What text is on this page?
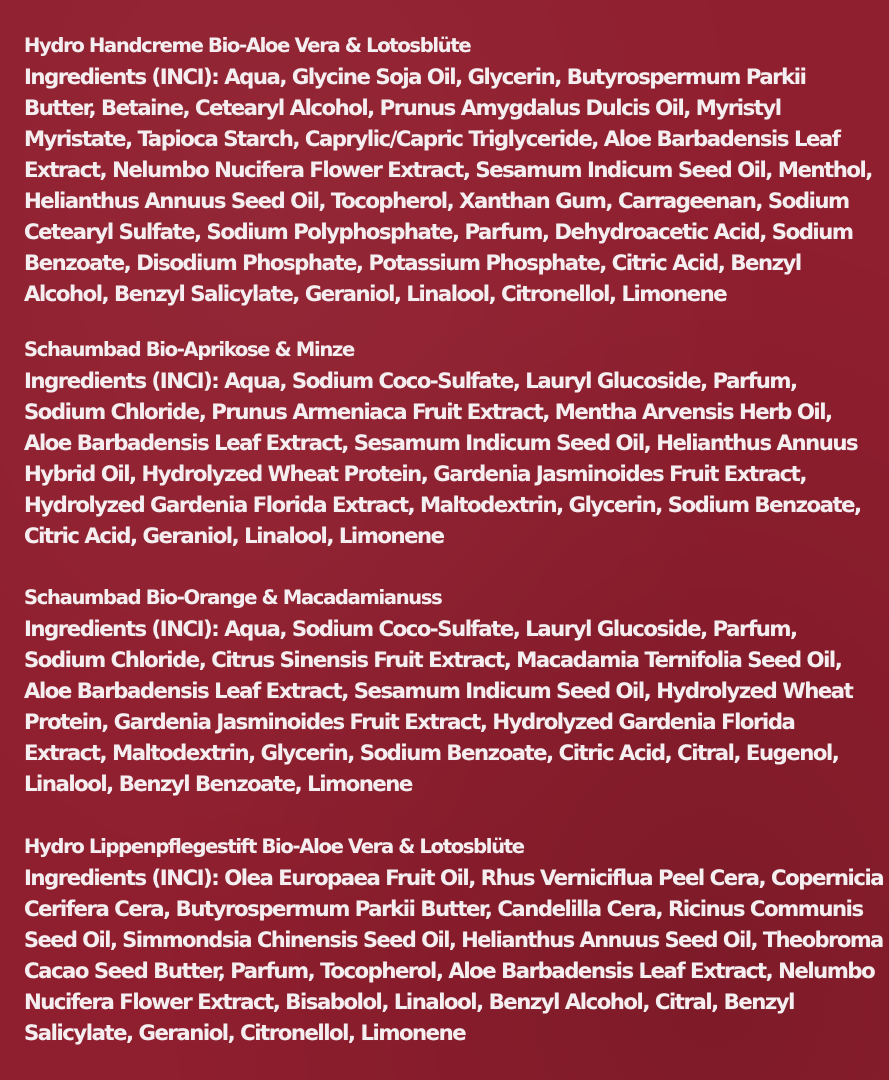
Hydro Handcreme Bio-Aloe Vera & Lotosblüte
Ingredients (INCI): Aqua, Glycine Soja Oil, Glycerin, Butyrospermum Parkii
Butter, Betaine, Cetearyl Alcohol, Prunus Amygdalus Dulcis Oil, Myristyl
Myristate, Tapioca Starch, Caprylic/Capric Triglyceride, Aloe Barbadensis Leaf
Extract, Nelumbo Nucifera Flower Extract, Sesamum Indicum Seed Oil, Menthol,
Helianthus Annuus Seed Oil, Tocopherol, Xanthan Gum, Carrageenan, Sodium
Cetearyl Sulfate, Sodium Polyphosphate, Parfum, Dehydroacetic Acid, Sodium
Benzoate, Disodium Phosphate, Potassium Phosphate, Citric Acid, Benzyl
Alcohol, Benzyl Salicylate, Geraniol, Linalool, Citronellol, Limonene
Schaumbad Bio-Aprikose & Minze
Ingredients (INCI): Aqua, Sodium Coco-Sulfate, Lauryl Glucoside, Parfum,
Sodium Chloride, Prunus Armeniaca Fruit Extract, Mentha Arvensis Herb Oil,
Aloe Barbadensis Leaf Extract, Sesamum Indicum Seed Oil, Helianthus Annuus
Hybrid Oil, Hydrolyzed Wheat Protein, Gardenia Jasminoides Fruit Extract,
Hydrolyzed Gardenia Florida Extract, Maltodextrin, Glycerin, Sodium Benzoate,
Citric Acid, Geraniol, Linalool, Limonene
Schaumbad Bio-Orange & Macadamianuss
Ingredients (INCI): Aqua, Sodium Coco-Sulfate, Lauryl Glucoside, Parfum,
Sodium Chloride, Citrus Sinensis Fruit Extract, Macadamia Ternifolia Seed Oil,
Aloe Barbadensis Leaf Extract, Sesamum Indicum Seed Oil, Hydrolyzed Wheat
Protein, Gardenia Jasminoides Fruit Extract, Hydrolyzed Gardenia Florida
Extract, Maltodextrin, Glycerin, Sodium Benzoate, Citric Acid, Citral, Eugenol,
Linalool, Benzyl Benzoate, Limonene
Hydro Lippenpflegestift Bio-Aloe Vera & Lotosblüte
Ingredients (INCI): Olea Europaea Fruit Oil, Rhus Verniciflua Peel Cera, Copernicia
Cerifera Cera, Butyrospermum Parkii Butter, Candelilla Cera, Ricinus Communis
Seed Oil, Simmondsia Chinensis Seed Oil, Helianthus Annuus Seed Oil, Theobroma
Cacao Seed Butter, Parfum, Tocopherol, Aloe Barbadensis Leaf Extract, Nelumbo
Nucifera Flower Extract, Bisabolol, Linalool, Benzyl Alcohol, Citral, Benzyl
Salicylate, Geraniol, Citronellol, Limonene
